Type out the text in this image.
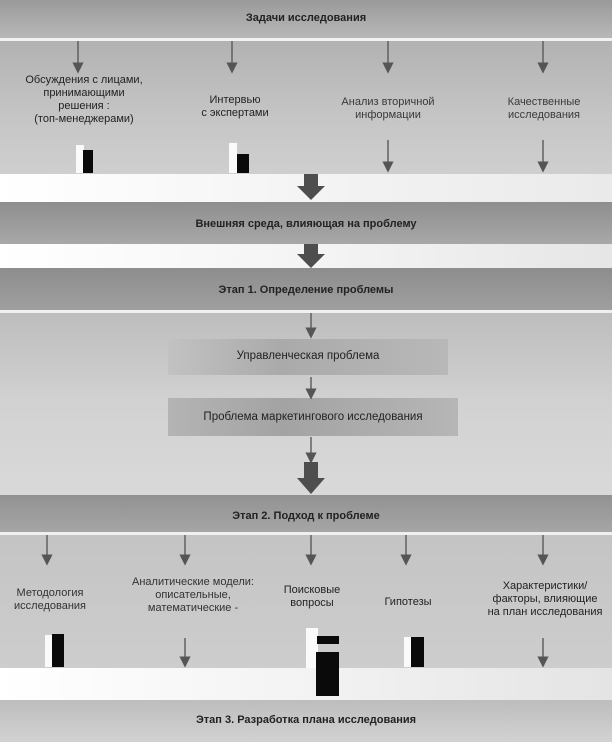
Задачи исследования
Обсуждения с лицами,
принимающими
решения :
(топ-менеджерами)
Интервью
с экспертами
Анализ вторичной
информации
Качественные
исследования
Внешняя среда, влияющая на проблему
Этап 1. Определение проблемы
Управленческая проблема
Проблема маркетингового исследования
Этап 2. Подход к проблеме
Методология
исследования
Аналитические модели:
описательные,
математические -
Поисковые
вопросы	Гипотезы
Характеристики/
факторы, влияющие
на план исследования
Этап 3. Разработка плана исследования
